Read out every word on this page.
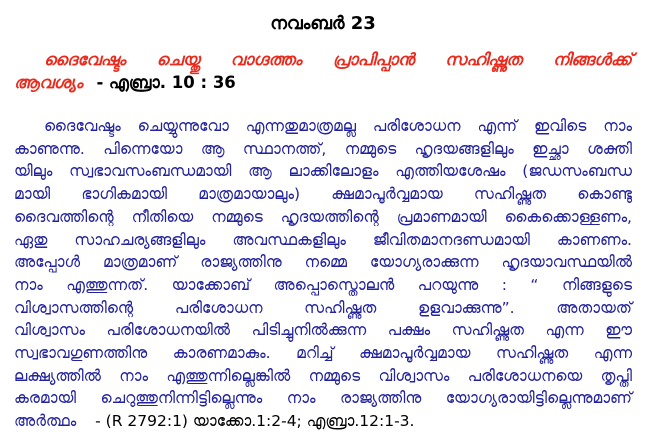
നവംബർ 23
ദൈവേഷ്ടം ചെയ്തു വാഗ്ദത്തം പ്രാപിപ്പാൻ സഹിഷ്ണുത നിങ്ങൾക്ക്
ആവശ്യം - എബ്രാ. 10 : 36
ദൈവേഷ്ടം ചെയ്യുന്നുവോ എന്നതുമാത്രമല്ല പരിശോധന എന്ന് ഇവിടെ നാം
കാണുന്നു. പിന്നെയോ ആ സ്ഥാനത്ത്, നമ്മുടെ ഹൃദയങ്ങളിലും ഇച്ഛാ ശക്തി
യിലും സ്വഭാവസംബന്ധമായി ആ ലാക്കിലോളം എത്തിയശേഷം (ജഡസംബന്ധ
മായി ഭാഗികമായി മാത്രമായാലും) ക്ഷമാപൂർവ്വമായ സഹിഷ്ണുത കൊണ്ടു
ദൈവത്തിന്റെ നീതിയെ നമ്മുടെ ഹൃദയത്തിന്റെ പ്രമാണമായി കൈക്കൊള്ളണം,
ഏതു സാഹചര്യങ്ങളിലും അവസ്ഥകളിലും ജീവിതമാനദണ്ഡമായി കാണണം.
അപ്പോൾ മാത്രമാണ് രാജ്യത്തിനു നമ്മെ യോഗ്യരാക്കുന്ന ഹൃദയാവസ്ഥയിൽ
നാം എത്തുന്നത്. യാക്കോബ് അപ്പൊസ്തൊലൻ പറയുന്നു : “ നിങ്ങളുടെ
വിശ്വാസത്തിന്റെ പരിശോധന സഹിഷ്ണുത ഉളവാക്കുന്നു”. അതായത്
വിശ്വാസം പരിശോധനയിൽ പിടിച്ചുനിൽക്കുന്ന പക്ഷം സഹിഷ്ണുത എന്ന ഈ
സ്വഭാവഗുണത്തിനു കാരണമാകും. മറിച്ച് ക്ഷമാപൂർവ്വമായ സഹിഷ്ണുത എന്ന
ലക്ഷ്യത്തിൽ നാം എത്തുന്നില്ലെങ്കിൽ നമ്മുടെ വിശ്വാസം പരിശോധനയെ തൃപ്തി
കരമായി ചെറുത്തുനിന്നിട്ടില്ലെന്നും നാം രാജ്യത്തിനു യോഗ്യരായിട്ടില്ലെന്നുമാണ്
അർത്ഥം - (R 2792:1) യാക്കോ.1:2-4; എബ്രാ.12:1-3.
